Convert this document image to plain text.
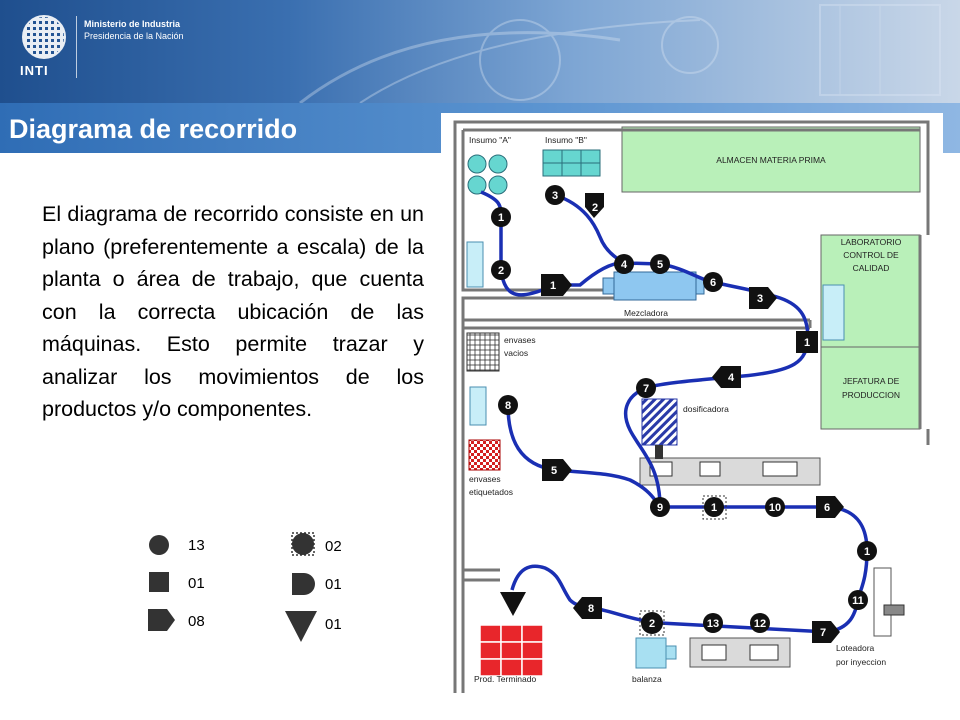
INTI
Ministerio de Industria
Presidencia de la Nación
Diagrama de recorrido
El diagrama de recorrido consiste en un plano (preferentemente a escala) de la planta o área de trabajo, que cuenta con la correcta ubicación de las máquinas. Esto permite trazar y analizar los movimientos de los productos y/o componentes.
13
01
08
02
01
01
3
1
2	4	5
6
7
8
9	10
1
11
12
13
2
2
1
3
4
5
6
7
8
1
1
Insumo "A"	Insumo "B"
ALMACEN MATERIA PRIMA
LABORATORIO
CONTROL DE
CALIDAD
JEFATURA DE
PRODUCCION
Mezcladora
envases
vacios
dosificadora
envases
etiquetados
Loteadora
por inyeccion
Prod. Terminado	balanza
